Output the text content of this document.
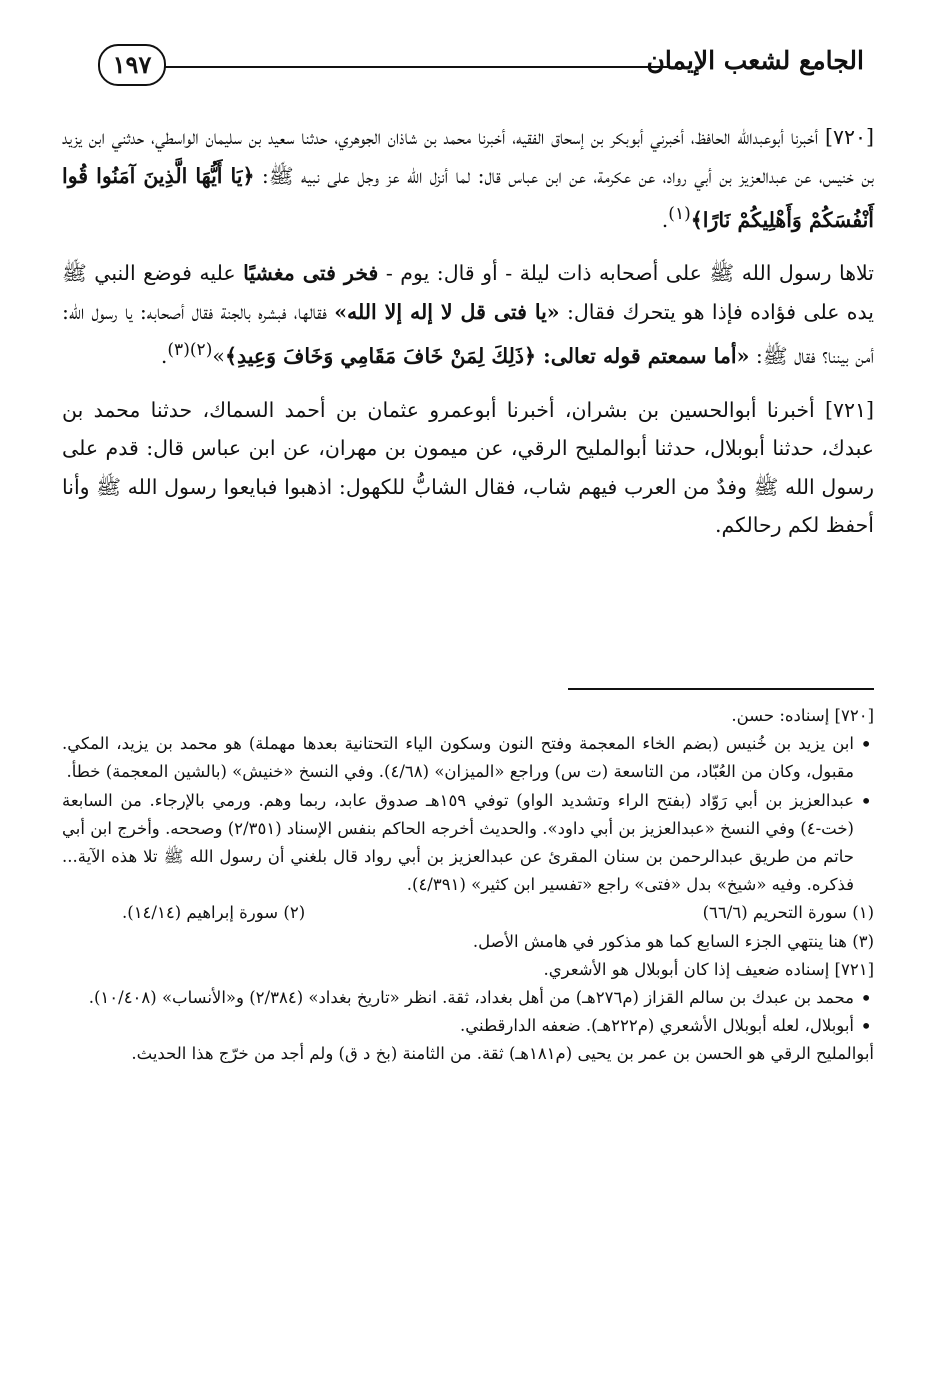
الجامع لشعب الإيمان
١٩٧

[٧٢٠] أخبرنا أبوعبدالله الحافظ، أخبرني أبوبكر بن إسحاق الفقيه، أخبرنا محمد بن شاذان الجوهري، حدثنا سعيد بن سليمان الواسطي، حدثني ابن يزيد بن خنيس، عن عبدالعزيز بن أبي رواد، عن عكرمة، عن ابن عباس قال: لما أنزل الله عز وجل على نبيه ﷺ: ﴿يَا أَيُّهَا الَّذِينَ آمَنُوا قُوا أَنْفُسَكُمْ وَأَهْلِيكُمْ نَارًا﴾$^{(١)}$.

تلاها رسول الله ﷺ على أصحابه ذات ليلة - أو قال: يوم - فخر فتى مغشيًا عليه فوضع النبي ﷺ يده على فؤاده فإذا هو يتحرك فقال: «يا فتى قل لا إله إلا الله» فقالها، فبشره بالجنة فقال أصحابه: يا رسول الله: أمن بيننا؟ فقال ﷺ: «أما سمعتم قوله تعالى: ﴿ذَلِكَ لِمَنْ خَافَ مَقَامِي وَخَافَ وَعِيدِ﴾»$^{(٢)(٣)}$.

[٧٢١] أخبرنا أبوالحسين بن بشران، أخبرنا أبوعمرو عثمان بن أحمد السماك، حدثنا محمد بن عبدك، حدثنا أبوبلال، حدثنا أبوالمليح الرقي، عن ميمون بن مهران، عن ابن عباس قال: قدم على رسول الله ﷺ وفدٌ من العرب فيهم شاب، فقال الشابُّ للكهول: اذهبوا فبايعوا رسول الله ﷺ وأنا أحفظ لكم رحالكم.

[٧٢٠] إسناده: حسن.

• ابن يزيد بن خُنيس (بضم الخاء المعجمة وفتح النون وسكون الياء التحتانية بعدها مهملة) هو محمد بن يزيد، المكي. مقبول، وكان من العُبّاد، من التاسعة (ت س) وراجع «الميزان» (٤/٦٨). وفي النسخ «خنيش» (بالشين المعجمة) خطأ.

• عبدالعزيز بن أبي رَوّاد (بفتح الراء وتشديد الواو) توفي ١٥٩هـ صدوق عابد، ربما وهم. ورمي بالإرجاء. من السابعة (خت-٤) وفي النسخ «عبدالعزيز بن أبي داود». والحديث أخرجه الحاكم بنفس الإسناد (٢/٣٥١) وصححه. وأخرج ابن أبي حاتم من طريق عبدالرحمن بن سنان المقرئ عن عبدالعزيز بن أبي رواد قال بلغني أن رسول الله ﷺ تلا هذه الآية... فذكره. وفيه «شيخ» بدل «فتى» راجع «تفسير ابن كثير» (٤/٣٩١).

(١) سورة التحريم (٦٦/٦)
(٢) سورة إبراهيم (١٤/١٤).

(٣) هنا ينتهي الجزء السابع كما هو مذكور في هامش الأصل.

[٧٢١] إسناده ضعيف إذا كان أبوبلال هو الأشعري.

• محمد بن عبدك بن سالم القزاز (م٢٧٦هـ) من أهل بغداد، ثقة. انظر «تاريخ بغداد» (٢/٣٨٤) و«الأنساب» (١٠/٤٠٨).

• أبوبلال، لعله أبوبلال الأشعري (م٢٢٢هـ). ضعفه الدارقطني.

أبوالمليح الرقي هو الحسن بن عمر بن يحيى (م١٨١هـ) ثقة. من الثامنة (بخ د ق) ولم أجد من خرّج هذا الحديث.
